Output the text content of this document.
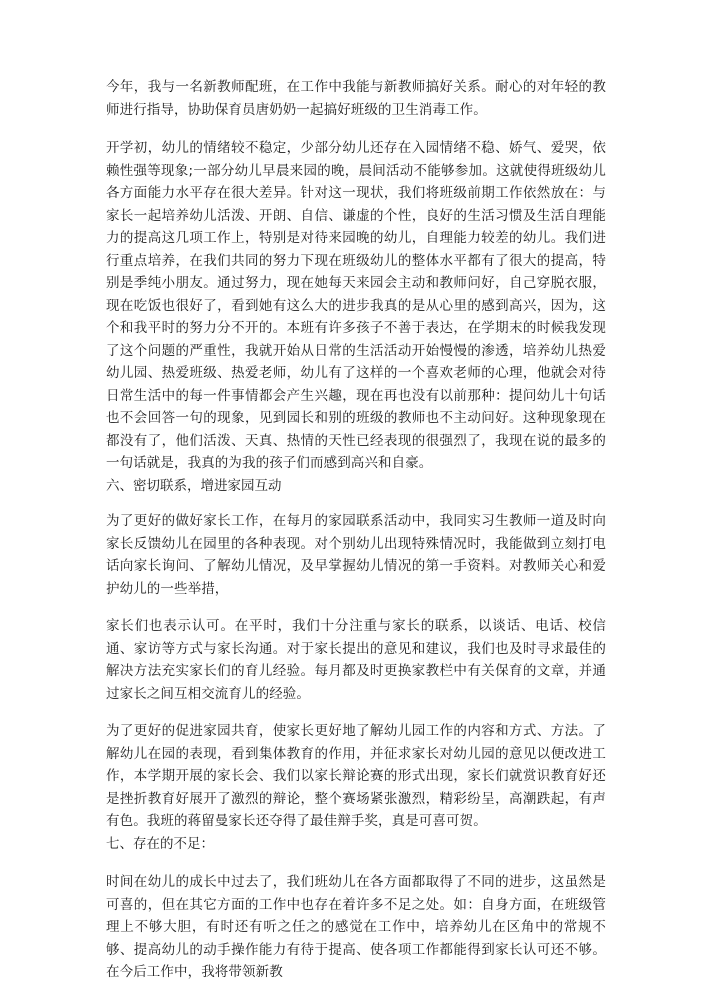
今年，我与一名新教师配班，在工作中我能与新教师搞好关系。耐心的对年轻的教师进行指导，协助保育员唐奶奶一起搞好班级的卫生消毒工作。

开学初，幼儿的情绪较不稳定，少部分幼儿还存在入园情绪不稳、娇气、爱哭，依赖性强等现象;一部分幼儿早晨来园的晚，晨间活动不能够参加。这就使得班级幼儿各方面能力水平存在很大差异。针对这一现状，我们将班级前期工作依然放在：与家长一起培养幼儿活泼、开朗、自信、谦虚的个性，良好的生活习惯及生活自理能力的提高这几项工作上，特别是对待来园晚的幼儿，自理能力较差的幼儿。我们进行重点培养，在我们共同的努力下现在班级幼儿的整体水平都有了很大的提高，特别是季纯小朋友。通过努力，现在她每天来园会主动和教师问好，自己穿脱衣服，现在吃饭也很好了，看到她有这么大的进步我真的是从心里的感到高兴，因为，这个和我平时的努力分不开的。本班有许多孩子不善于表达，在学期末的时候我发现了这个问题的严重性，我就开始从日常的生活活动开始慢慢的渗透，培养幼儿热爱幼儿园、热爱班级、热爱老师，幼儿有了这样的一个喜欢老师的心理，他就会对待日常生活中的每一件事情都会产生兴趣，现在再也没有以前那种：提问幼儿十句话也不会回答一句的现象，见到园长和别的班级的教师也不主动问好。这种现象现在都没有了，他们活泼、天真、热情的天性已经表现的很强烈了，我现在说的最多的一句话就是，我真的为我的孩子们而感到高兴和自豪。

六、密切联系，增进家园互动

为了更好的做好家长工作，在每月的家园联系活动中，我同实习生教师一道及时向家长反馈幼儿在园里的各种表现。对个别幼儿出现特殊情况时，我能做到立刻打电话向家长询问、了解幼儿情况，及早掌握幼儿情况的第一手资料。对教师关心和爱护幼儿的一些举措，

家长们也表示认可。在平时，我们十分注重与家长的联系，以谈话、电话、校信通、家访等方式与家长沟通。对于家长提出的意见和建议，我们也及时寻求最佳的解决方法充实家长们的育儿经验。每月都及时更换家教栏中有关保育的文章，并通过家长之间互相交流育儿的经验。

为了更好的促进家园共育，使家长更好地了解幼儿园工作的内容和方式、方法。了解幼儿在园的表现，看到集体教育的作用，并征求家长对幼儿园的意见以便改进工作，本学期开展的家长会、我们以家长辩论赛的形式出现，家长们就赏识教育好还是挫折教育好展开了激烈的辩论，整个赛场紧张激烈，精彩纷呈，高潮跌起，有声有色。我班的蒋留曼家长还夺得了最佳辩手奖，真是可喜可贺。

七、存在的不足：

时间在幼儿的成长中过去了，我们班幼儿在各方面都取得了不同的进步，这虽然是可喜的，但在其它方面的工作中也存在着许多不足之处。如：自身方面，在班级管理上不够大胆，有时还有听之任之的感觉在工作中，培养幼儿在区角中的常规不够、提高幼儿的动手操作能力有待于提高、使各项工作都能得到家长认可还不够。在今后工作中，我将带领新教
